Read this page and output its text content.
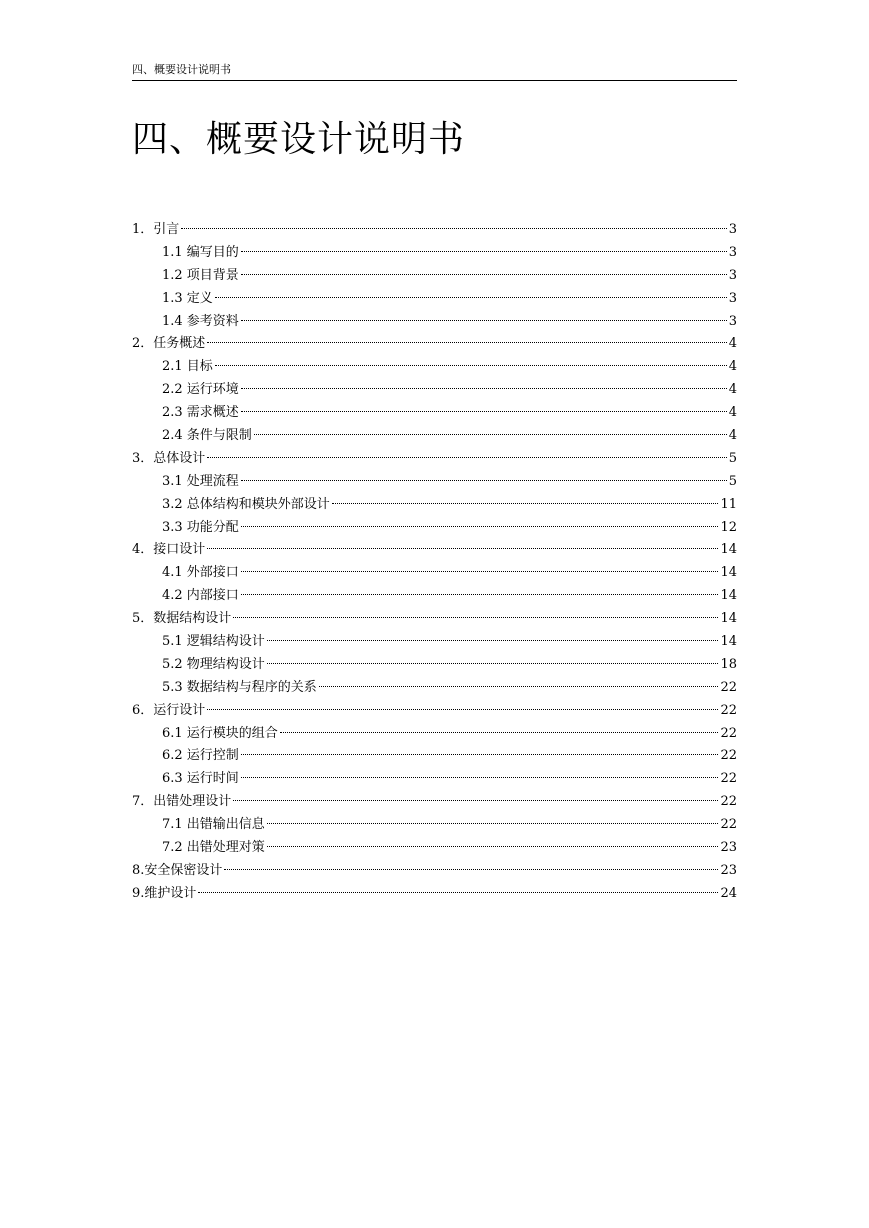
四、概要设计说明书
四、概要设计说明书
1．引言	3
1.1 编写目的	3
1.2 项目背景	3
1.3 定义	3
1.4 参考资料	3
2．任务概述	4
2.1 目标	4
2.2 运行环境	4
2.3 需求概述	4
2.4 条件与限制	4
3．总体设计	5
3.1 处理流程	5
3.2 总体结构和模块外部设计	11
3.3 功能分配	12
4．接口设计	14
4.1 外部接口	14
4.2 内部接口	14
5．数据结构设计	14
5.1 逻辑结构设计	14
5.2 物理结构设计	18
5.3 数据结构与程序的关系	22
6．运行设计	22
6.1 运行模块的组合	22
6.2 运行控制	22
6.3 运行时间	22
7．出错处理设计	22
7.1 出错输出信息	22
7.2 出错处理对策	23
8.安全保密设计	23
9.维护设计	24
